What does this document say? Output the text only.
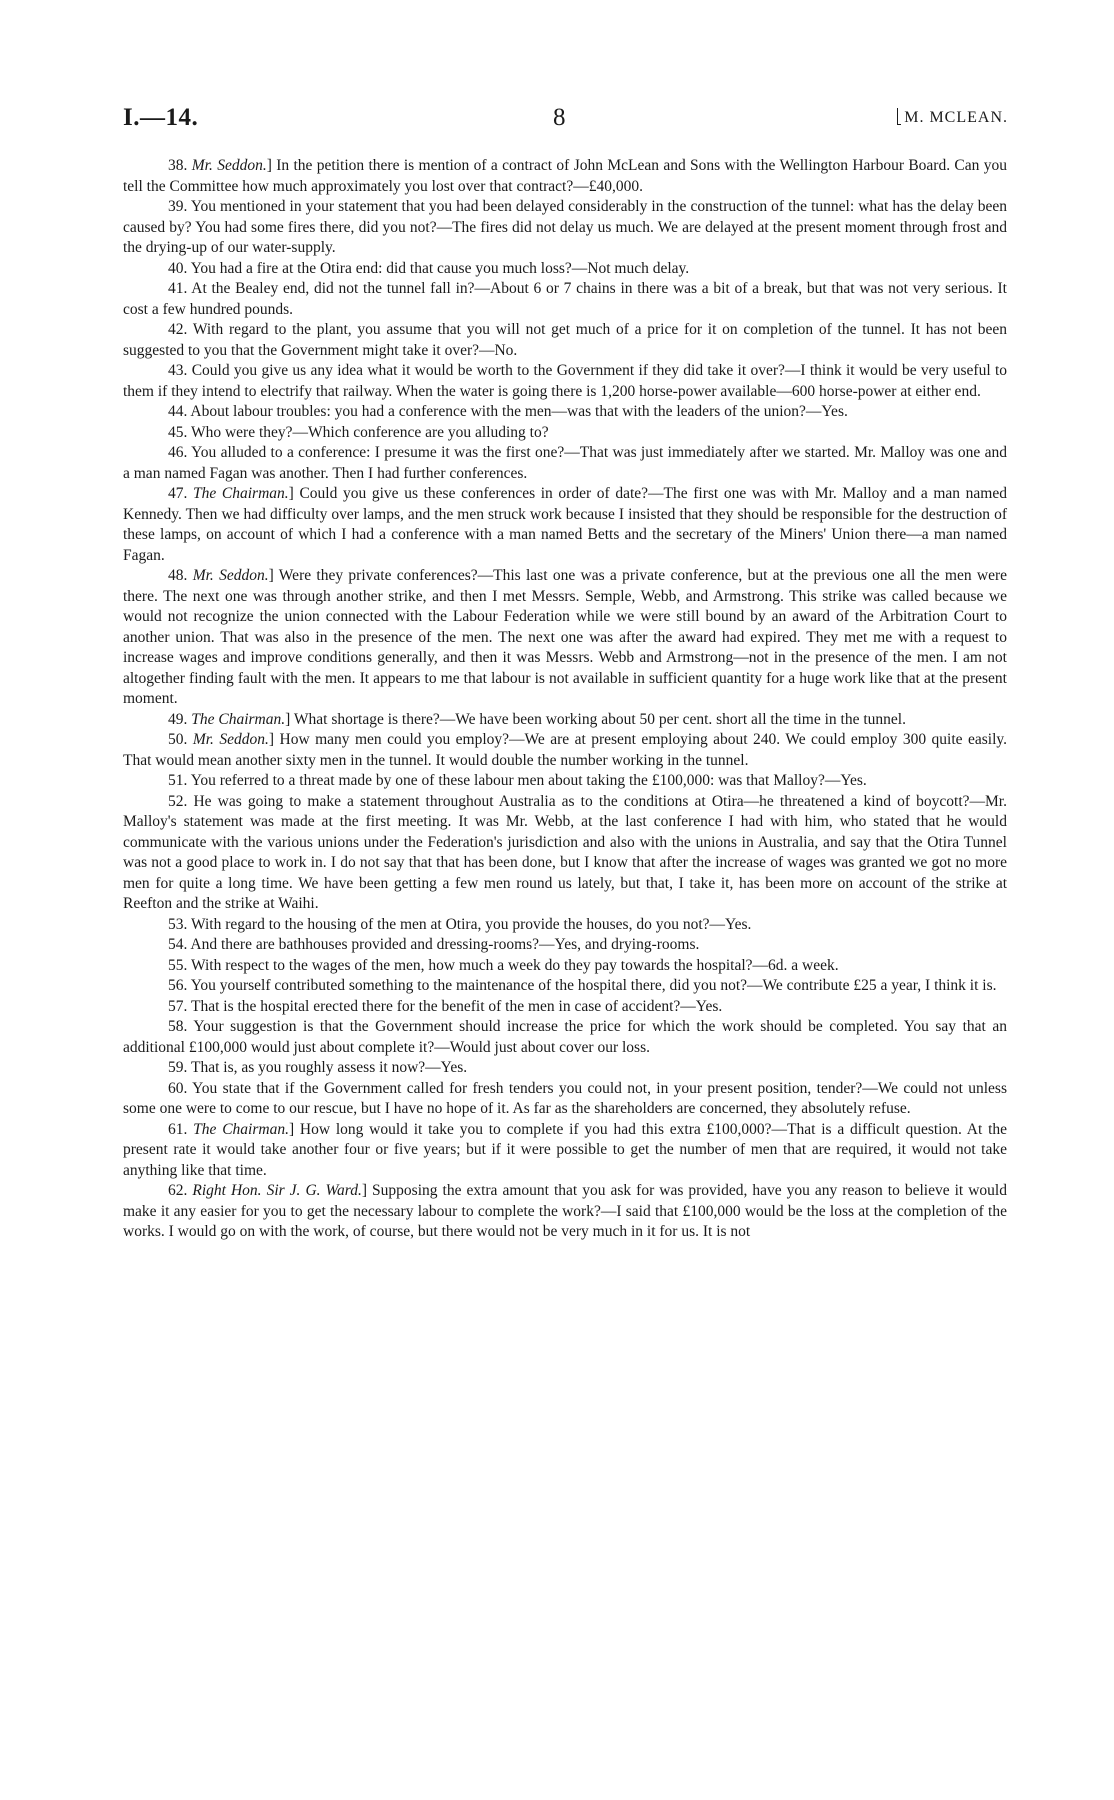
I.—14.	8	M. MCLEAN.

38. Mr. Seddon.] In the petition there is mention of a contract of John McLean and Sons with the Wellington Harbour Board. Can you tell the Committee how much approximately you lost over that contract?—£40,000.

39. You mentioned in your statement that you had been delayed considerably in the construction of the tunnel: what has the delay been caused by? You had some fires there, did you not?—The fires did not delay us much. We are delayed at the present moment through frost and the drying-up of our water-supply.

40. You had a fire at the Otira end: did that cause you much loss?—Not much delay.

41. At the Bealey end, did not the tunnel fall in?—About 6 or 7 chains in there was a bit of a break, but that was not very serious. It cost a few hundred pounds.

42. With regard to the plant, you assume that you will not get much of a price for it on completion of the tunnel. It has not been suggested to you that the Government might take it over?—No.

43. Could you give us any idea what it would be worth to the Government if they did take it over?—I think it would be very useful to them if they intend to electrify that railway. When the water is going there is 1,200 horse-power available—600 horse-power at either end.

44. About labour troubles: you had a conference with the men—was that with the leaders of the union?—Yes.

45. Who were they?—Which conference are you alluding to?

46. You alluded to a conference: I presume it was the first one?—That was just immediately after we started. Mr. Malloy was one and a man named Fagan was another. Then I had further conferences.

47. The Chairman.] Could you give us these conferences in order of date?—The first one was with Mr. Malloy and a man named Kennedy. Then we had difficulty over lamps, and the men struck work because I insisted that they should be responsible for the destruction of these lamps, on account of which I had a conference with a man named Betts and the secretary of the Miners' Union there—a man named Fagan.

48. Mr. Seddon.] Were they private conferences?—This last one was a private conference, but at the previous one all the men were there. The next one was through another strike, and then I met Messrs. Semple, Webb, and Armstrong. This strike was called because we would not recognize the union connected with the Labour Federation while we were still bound by an award of the Arbitration Court to another union. That was also in the presence of the men. The next one was after the award had expired. They met me with a request to increase wages and improve conditions generally, and then it was Messrs. Webb and Armstrong—not in the presence of the men. I am not altogether finding fault with the men. It appears to me that labour is not available in sufficient quantity for a huge work like that at the present moment.

49. The Chairman.] What shortage is there?—We have been working about 50 per cent. short all the time in the tunnel.

50. Mr. Seddon.] How many men could you employ?—We are at present employing about 240. We could employ 300 quite easily. That would mean another sixty men in the tunnel. It would double the number working in the tunnel.

51. You referred to a threat made by one of these labour men about taking the £100,000: was that Malloy?—Yes.

52. He was going to make a statement throughout Australia as to the conditions at Otira—he threatened a kind of boycott?—Mr. Malloy's statement was made at the first meeting. It was Mr. Webb, at the last conference I had with him, who stated that he would communicate with the various unions under the Federation's jurisdiction and also with the unions in Australia, and say that the Otira Tunnel was not a good place to work in. I do not say that that has been done, but I know that after the increase of wages was granted we got no more men for quite a long time. We have been getting a few men round us lately, but that, I take it, has been more on account of the strike at Reefton and the strike at Waihi.

53. With regard to the housing of the men at Otira, you provide the houses, do you not?—Yes.

54. And there are bathhouses provided and dressing-rooms?—Yes, and drying-rooms.

55. With respect to the wages of the men, how much a week do they pay towards the hospital?—6d. a week.

56. You yourself contributed something to the maintenance of the hospital there, did you not?—We contribute £25 a year, I think it is.

57. That is the hospital erected there for the benefit of the men in case of accident?—Yes.

58. Your suggestion is that the Government should increase the price for which the work should be completed. You say that an additional £100,000 would just about complete it?—Would just about cover our loss.

59. That is, as you roughly assess it now?—Yes.

60. You state that if the Government called for fresh tenders you could not, in your present position, tender?—We could not unless some one were to come to our rescue, but I have no hope of it. As far as the shareholders are concerned, they absolutely refuse.

61. The Chairman.] How long would it take you to complete if you had this extra £100,000?—That is a difficult question. At the present rate it would take another four or five years; but if it were possible to get the number of men that are required, it would not take anything like that time.

62. Right Hon. Sir J. G. Ward.] Supposing the extra amount that you ask for was provided, have you any reason to believe it would make it any easier for you to get the necessary labour to complete the work?—I said that £100,000 would be the loss at the completion of the works. I would go on with the work, of course, but there would not be very much in it for us. It is not
